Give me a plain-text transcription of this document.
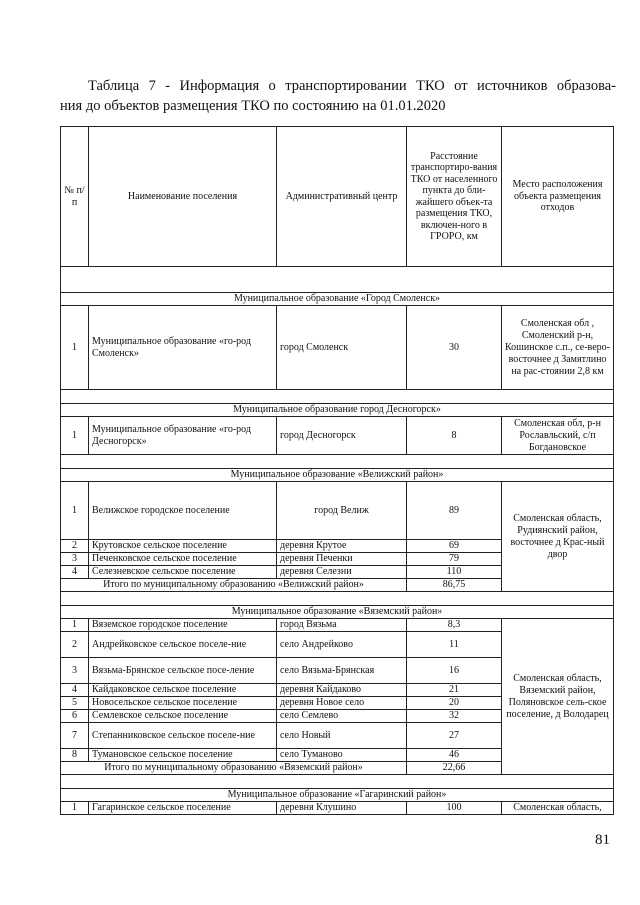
Таблица 7 - Информация о транспортировании ТКО от источников образова-
ния до объектов размещения ТКО по состоянию на 01.01.2020
№ п/п	Наименование поселения	Административный центр	Расстояние транспортиро-вания ТКО от населенного пункта до бли-жайшего объек-та размещения ТКО, включен-ного в ГРОРО, км	Место расположения объекта размещения отходов

Муниципальное образование «Город Смоленск»				
1	Муниципальное образование «го-род Смоленск»	город Смоленск	30	Смоленская обл , Смоленский р-н, Кошинское с.п., се-веро-восточнее д Замятлино на рас-стоянии 2,8 км

Муниципальное образование город Десногорск»				
1	Муниципальное образование «го-род Десногорск»	город Десногорск	8	Смоленская обл, р-н Рославльский, с/п Богдановское

Муниципальное образование «Велижский район»				
1	Велижское городское поселение	город Велиж	89	Смоленская область, Рудиянский район, восточнее д Крас-ный двор
2	Крутовское сельское поселение	деревня Крутое	69	
3	Печенковское сельское поселение	деревня Печенки	79	
4	Селезневское сельское поселение	деревня Селезни	110	
Итого по муниципальному образованию «Велижский район»			86,75	

Муниципальное образование «Вяземский район»				
1	Вяземское городское поселение	город Вязьма	8,3	Смоленская область, Вяземский район, Поляновское сель-ское поселение, д Володарец
2	Андрейковское сельское поселе-ние	село Андрейково	11	
3	Вязьма-Брянское сельское посе-ление	село Вязьма-Брянская	16	
4	Кайдаковское сельское поселение	деревня Кайдаково	21	
5	Новосельское сельское поселение	деревня Новое село	20	
6	Семлевское сельское поселение	село Семлево	32	
7	Степанниковское сельское поселе-ние	село Новый	27	
8	Тумановское сельское поселение	село Туманово	46	
Итого по муниципальному образованию «Вяземский район»			22,66	

Муниципальное образование «Гагаринский район»				
1	Гагаринское сельское поселение	деревня Клушино	100	Смоленская область,
81
